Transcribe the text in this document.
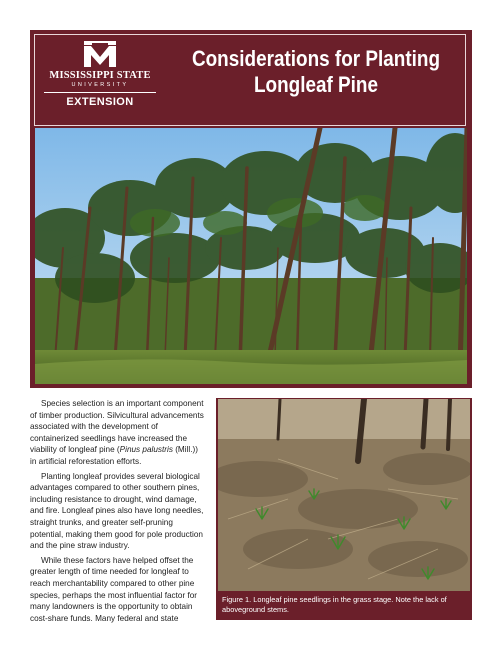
MISSISSIPPI STATE
UNIVERSITY
EXTENSION
Considerations for Planting
Longleaf Pine

Species selection is an important component of timber production. Silvicultural advancements associated with the development of containerized seedlings have increased the viability of longleaf pine (Pinus palustris (Mill.)) in artificial reforestation efforts.

Planting longleaf provides several biological advantages compared to other southern pines, including resistance to drought, wind damage, and fire. Longleaf pines also have long needles, straight trunks, and greater self-pruning potential, making them good for pole production and the pine straw industry.

While these factors have helped offset the greater length of time needed for longleaf to reach merchantability compared to other pine species, perhaps the most influential factor for many landowners is the opportunity to obtain cost-share funds. Many federal and state

Figure 1. Longleaf pine seedlings in the grass stage. Note the lack of aboveground stems.
